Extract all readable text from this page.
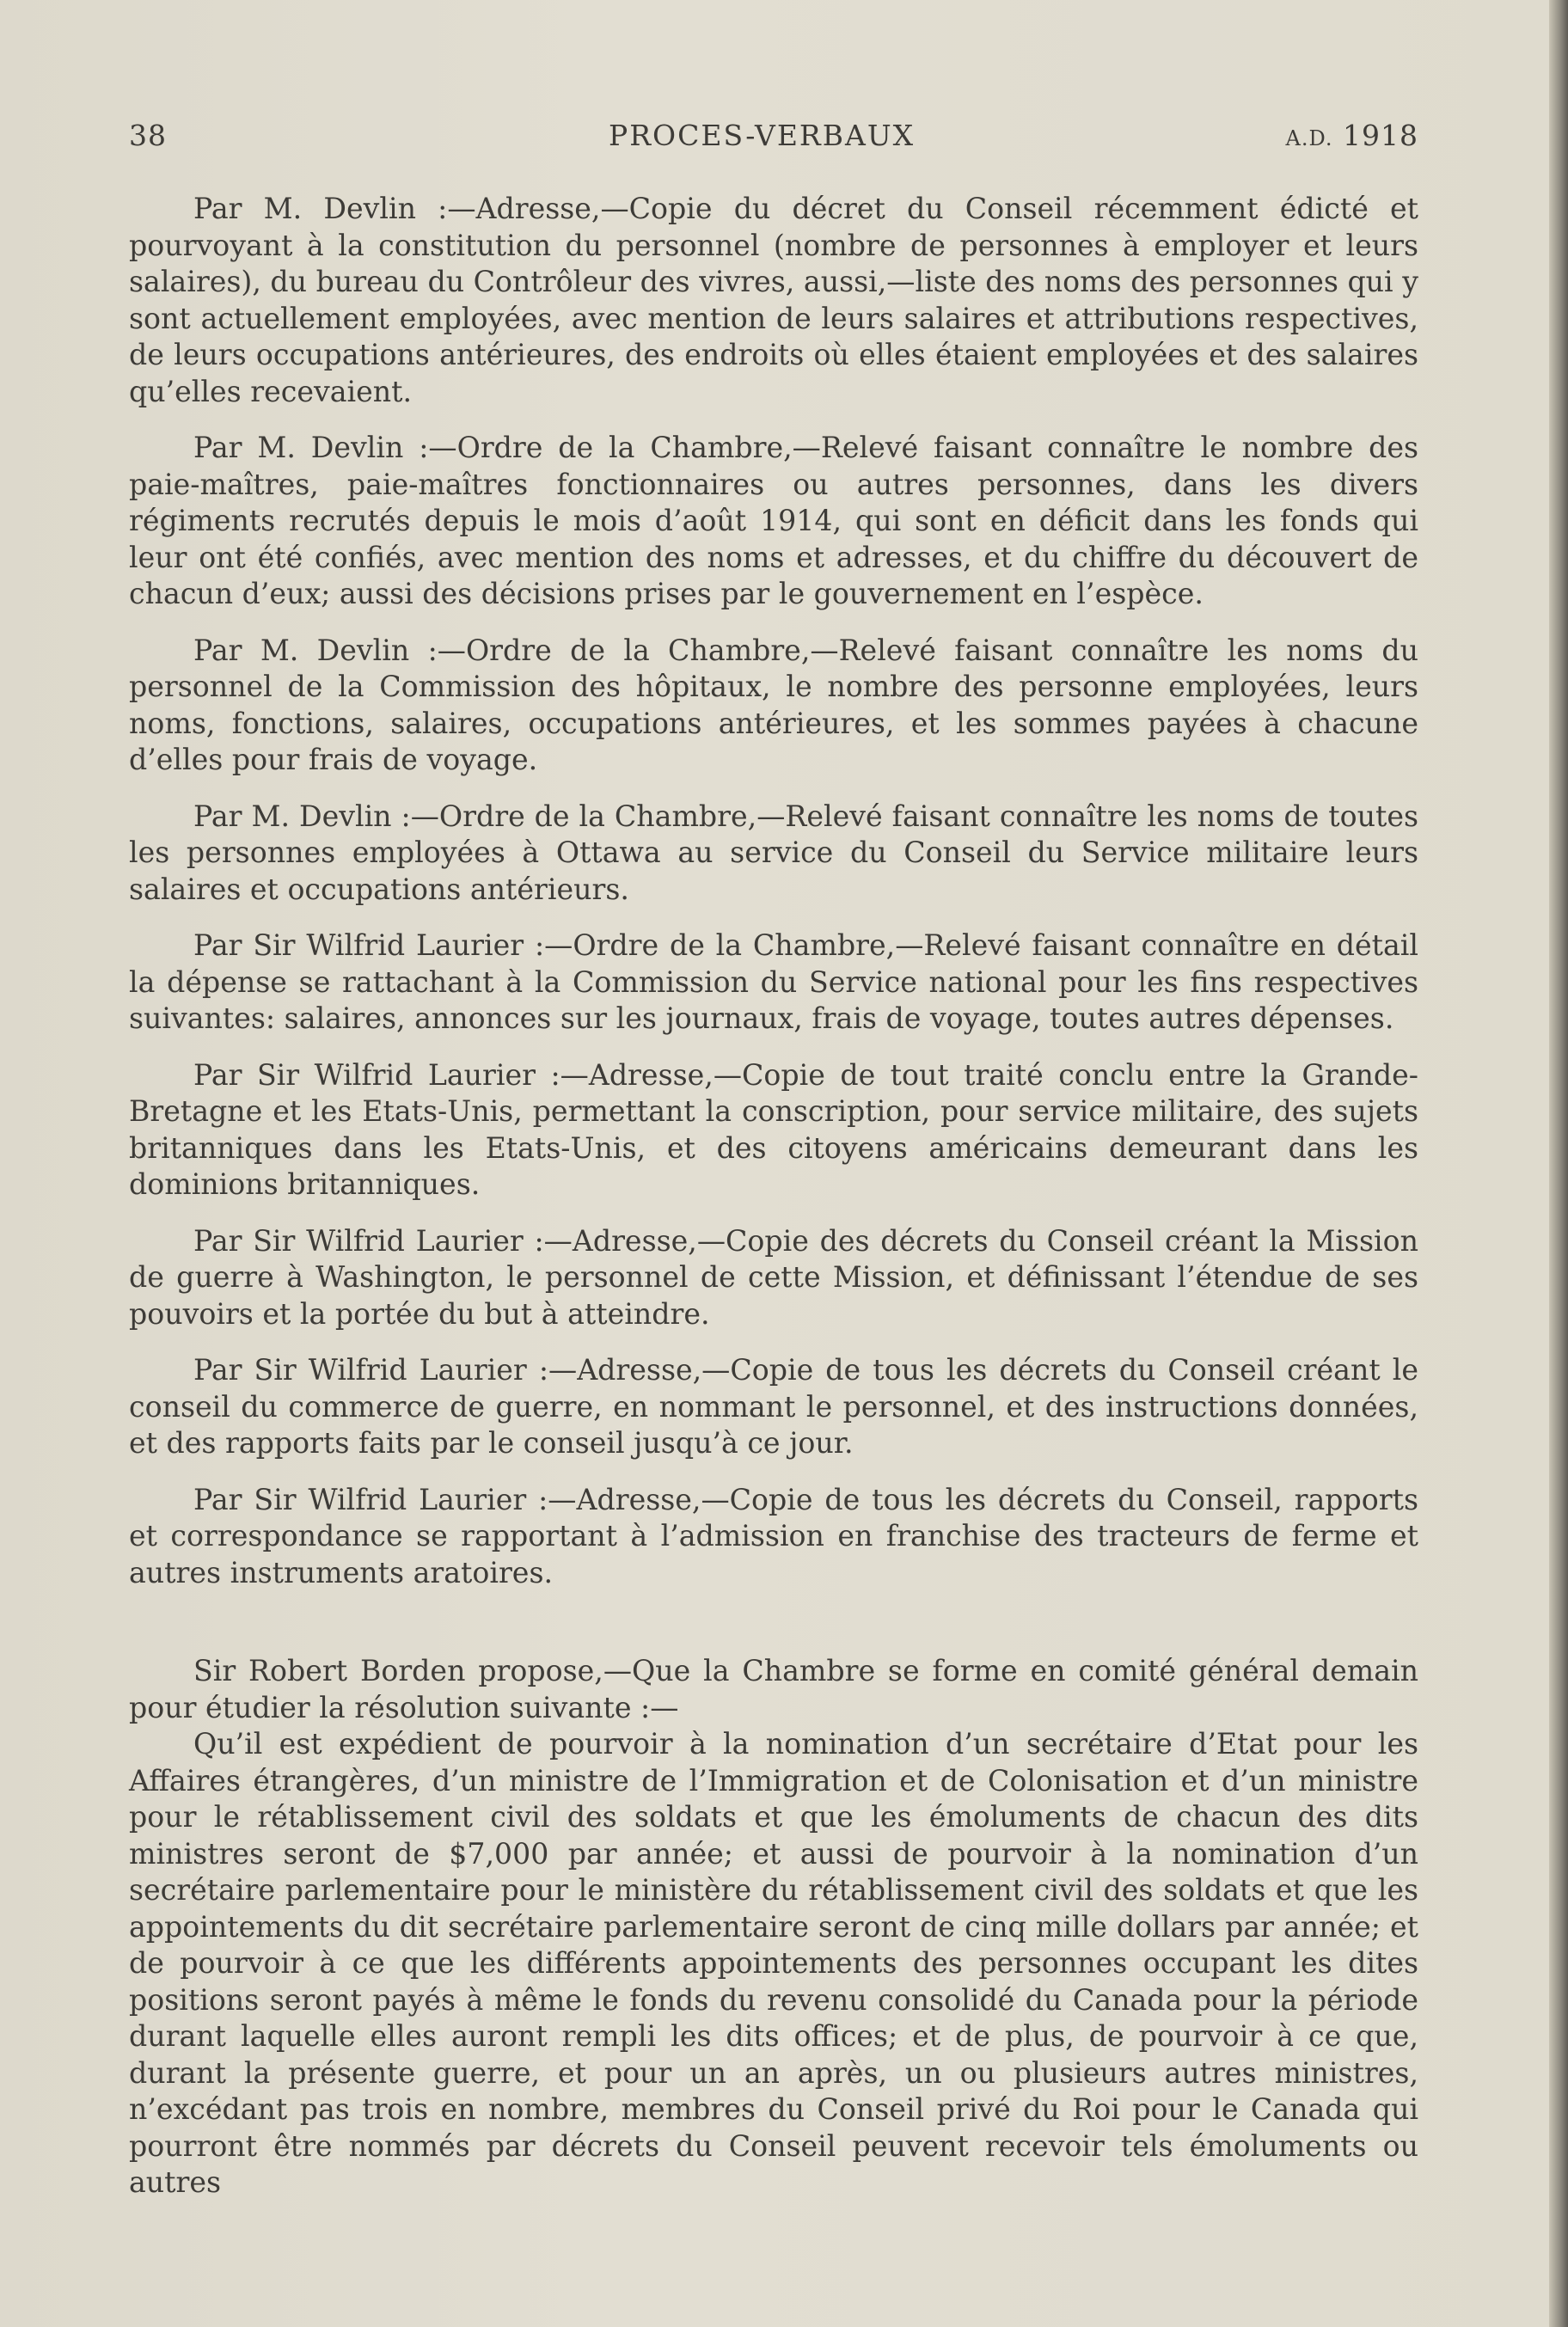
38	PROCES-VERBAUX	A.D. 1918

Par M. Devlin :—Adresse,—Copie du décret du Conseil récemment édicté et pourvoyant à la constitution du personnel (nombre de personnes à employer et leurs salaires), du bureau du Contrôleur des vivres, aussi,—liste des noms des personnes qui y sont actuellement employées, avec mention de leurs salaires et attributions respectives, de leurs occupations antérieures, des endroits où elles étaient employées et des salaires qu’elles recevaient.

Par M. Devlin :—Ordre de la Chambre,—Relevé faisant connaître le nombre des paie-maîtres, paie-maîtres fonctionnaires ou autres personnes, dans les divers régiments recrutés depuis le mois d’août 1914, qui sont en déficit dans les fonds qui leur ont été confiés, avec mention des noms et adresses, et du chiffre du découvert de chacun d’eux; aussi des décisions prises par le gouvernement en l’espèce.

Par M. Devlin :—Ordre de la Chambre,—Relevé faisant connaître les noms du personnel de la Commission des hôpitaux, le nombre des personne employées, leurs noms, fonctions, salaires, occupations antérieures, et les sommes payées à chacune d’elles pour frais de voyage.

Par M. Devlin :—Ordre de la Chambre,—Relevé faisant connaître les noms de toutes les personnes employées à Ottawa au service du Conseil du Service militaire leurs salaires et occupations antérieurs.

Par Sir Wilfrid Laurier :—Ordre de la Chambre,—Relevé faisant connaître en détail la dépense se rattachant à la Commission du Service national pour les fins respectives suivantes: salaires, annonces sur les journaux, frais de voyage, toutes autres dépenses.

Par Sir Wilfrid Laurier :—Adresse,—Copie de tout traité conclu entre la Grande-Bretagne et les Etats-Unis, permettant la conscription, pour service militaire, des sujets britanniques dans les Etats-Unis, et des citoyens américains demeurant dans les dominions britanniques.

Par Sir Wilfrid Laurier :—Adresse,—Copie des décrets du Conseil créant la Mission de guerre à Washington, le personnel de cette Mission, et définissant l’étendue de ses pouvoirs et la portée du but à atteindre.

Par Sir Wilfrid Laurier :—Adresse,—Copie de tous les décrets du Conseil créant le conseil du commerce de guerre, en nommant le personnel, et des instructions données, et des rapports faits par le conseil jusqu’à ce jour.

Par Sir Wilfrid Laurier :—Adresse,—Copie de tous les décrets du Conseil, rapports et correspondance se rapportant à l’admission en franchise des tracteurs de ferme et autres instruments aratoires.

Sir Robert Borden propose,—Que la Chambre se forme en comité général demain pour étudier la résolution suivante :—

Qu’il est expédient de pourvoir à la nomination d’un secrétaire d’Etat pour les Affaires étrangères, d’un ministre de l’Immigration et de Colonisation et d’un ministre pour le rétablissement civil des soldats et que les émoluments de chacun des dits ministres seront de $7,000 par année; et aussi de pourvoir à la nomination d’un secrétaire parlementaire pour le ministère du rétablissement civil des soldats et que les appointements du dit secrétaire parlementaire seront de cinq mille dollars par année; et de pourvoir à ce que les différents appointements des personnes occupant les dites positions seront payés à même le fonds du revenu consolidé du Canada pour la période durant laquelle elles auront rempli les dits offices; et de plus, de pourvoir à ce que, durant la présente guerre, et pour un an après, un ou plusieurs autres ministres, n’excédant pas trois en nombre, membres du Conseil privé du Roi pour le Canada qui pourront être nommés par décrets du Conseil peuvent recevoir tels émoluments ou autres
